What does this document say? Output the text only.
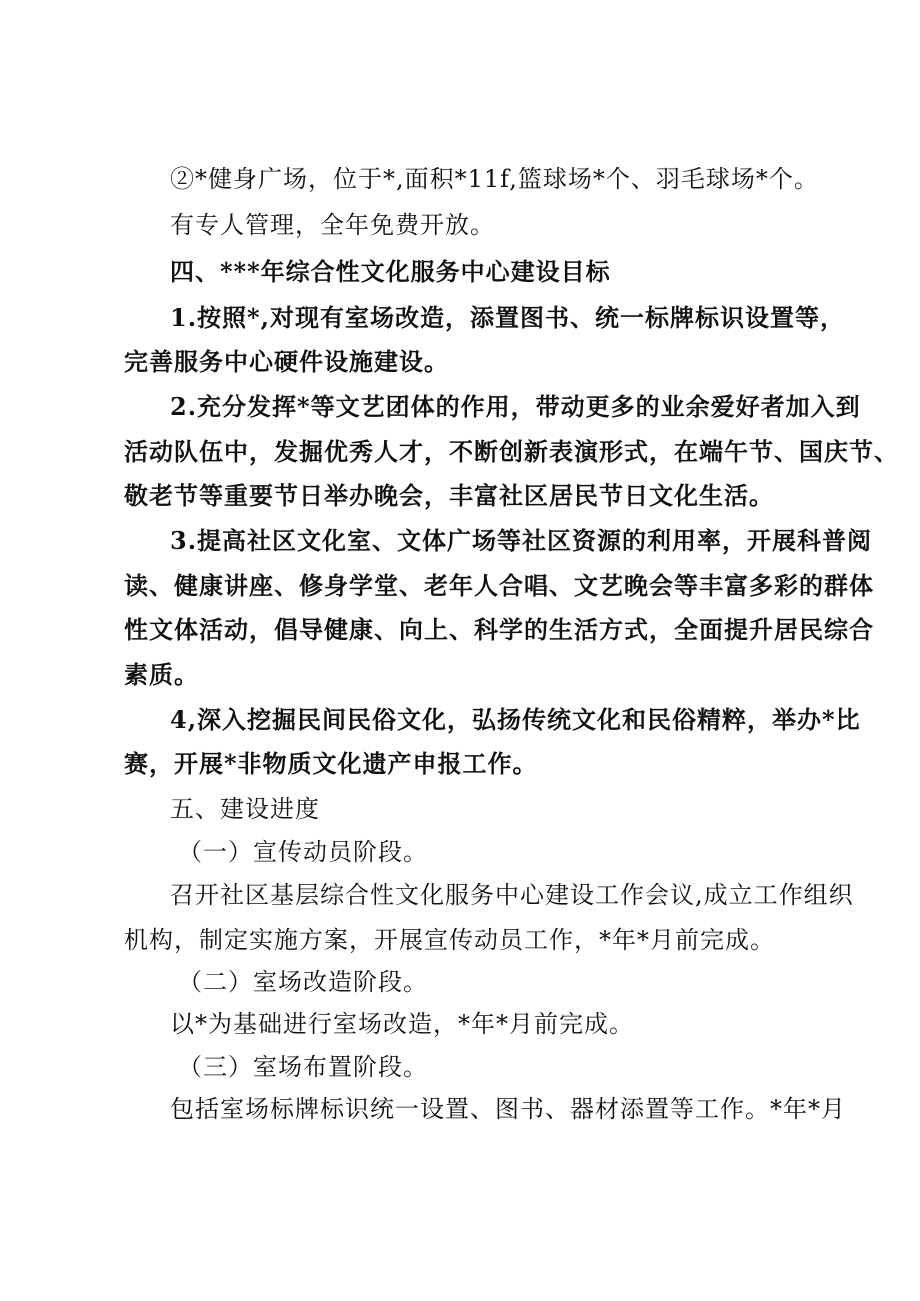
②*健身广场，位于*,面积*11f,篮球场*个、羽毛球场*个。
有专人管理，全年免费开放。
四、***年综合性文化服务中心建设目标
1.按照*,对现有室场改造，添置图书、统一标牌标识设置等，
完善服务中心硬件设施建设。
2.充分发挥*等文艺团体的作用，带动更多的业余爱好者加入到
活动队伍中，发掘优秀人才，不断创新表演形式，在端午节、国庆节、
敬老节等重要节日举办晚会，丰富社区居民节日文化生活。
3.提高社区文化室、文体广场等社区资源的利用率，开展科普阅
读、健康讲座、修身学堂、老年人合唱、文艺晚会等丰富多彩的群体
性文体活动，倡导健康、向上、科学的生活方式，全面提升居民综合
素质。
4,深入挖掘民间民俗文化，弘扬传统文化和民俗精粹，举办*比
赛，开展*非物质文化遗产申报工作。
五、建设进度
（一）宣传动员阶段。
召开社区基层综合性文化服务中心建设工作会议,成立工作组织
机构，制定实施方案，开展宣传动员工作，*年*月前完成。
（二）室场改造阶段。
以*为基础进行室场改造，*年*月前完成。
（三）室场布置阶段。
包括室场标牌标识统一设置、图书、器材添置等工作。*年*月
